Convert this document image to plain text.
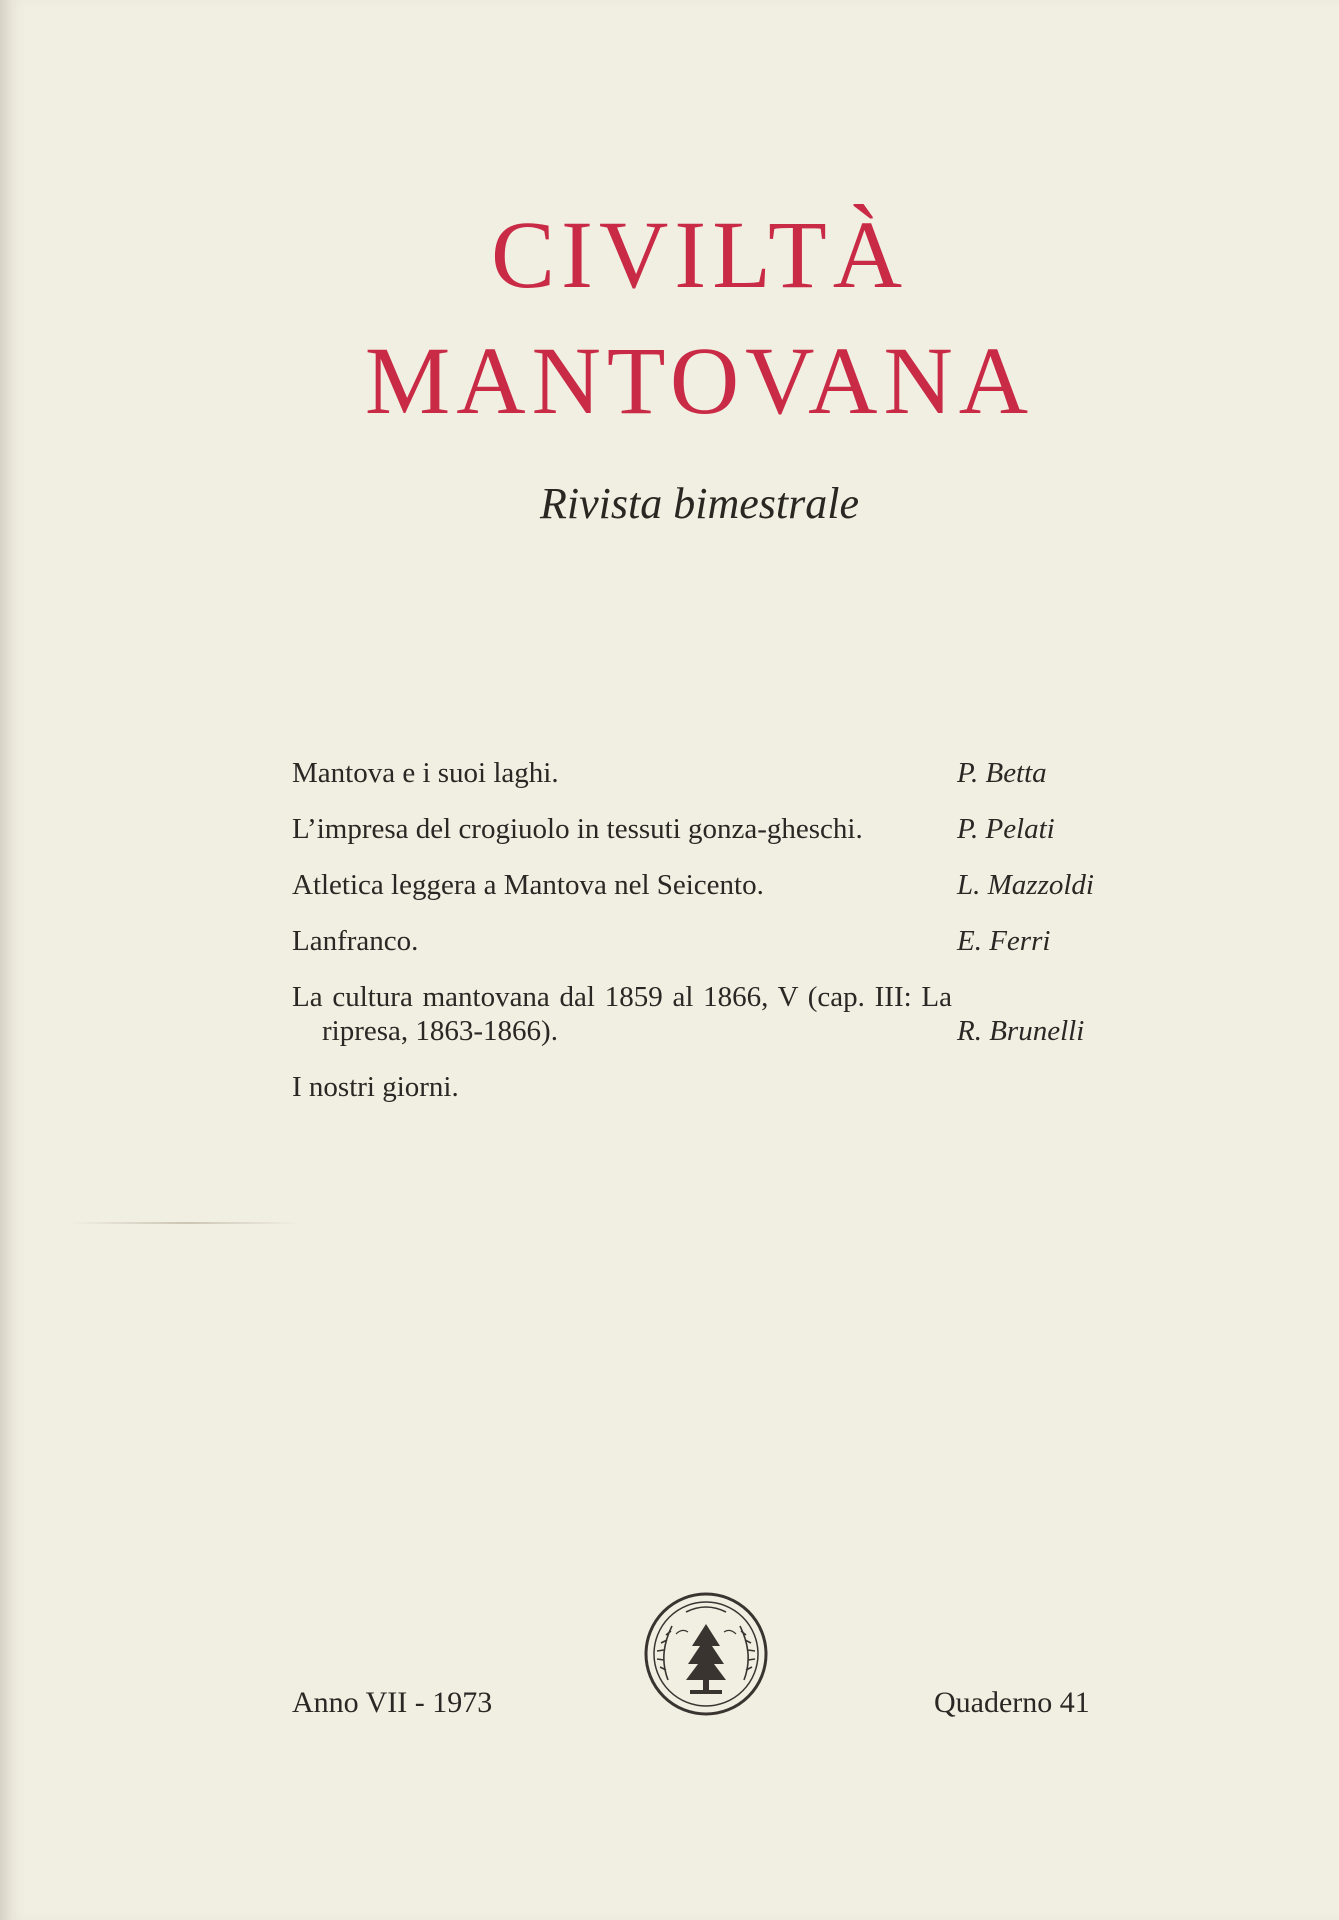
CIVILTÀ
MANTOVANA
Rivista bimestrale
Mantova e i suoi laghi.	P. Betta
L’impresa del crogiuolo in tessuti gonza-gheschi.	P. Pelati
Atletica leggera a Mantova nel Seicento.	L. Mazzoldi
Lanfranco.	E. Ferri
La cultura mantovana dal 1859 al 1866, V (cap. III: La ripresa, 1863-1866).	R. Brunelli
I nostri giorni.
Anno VII - 1973	Quaderno 41
